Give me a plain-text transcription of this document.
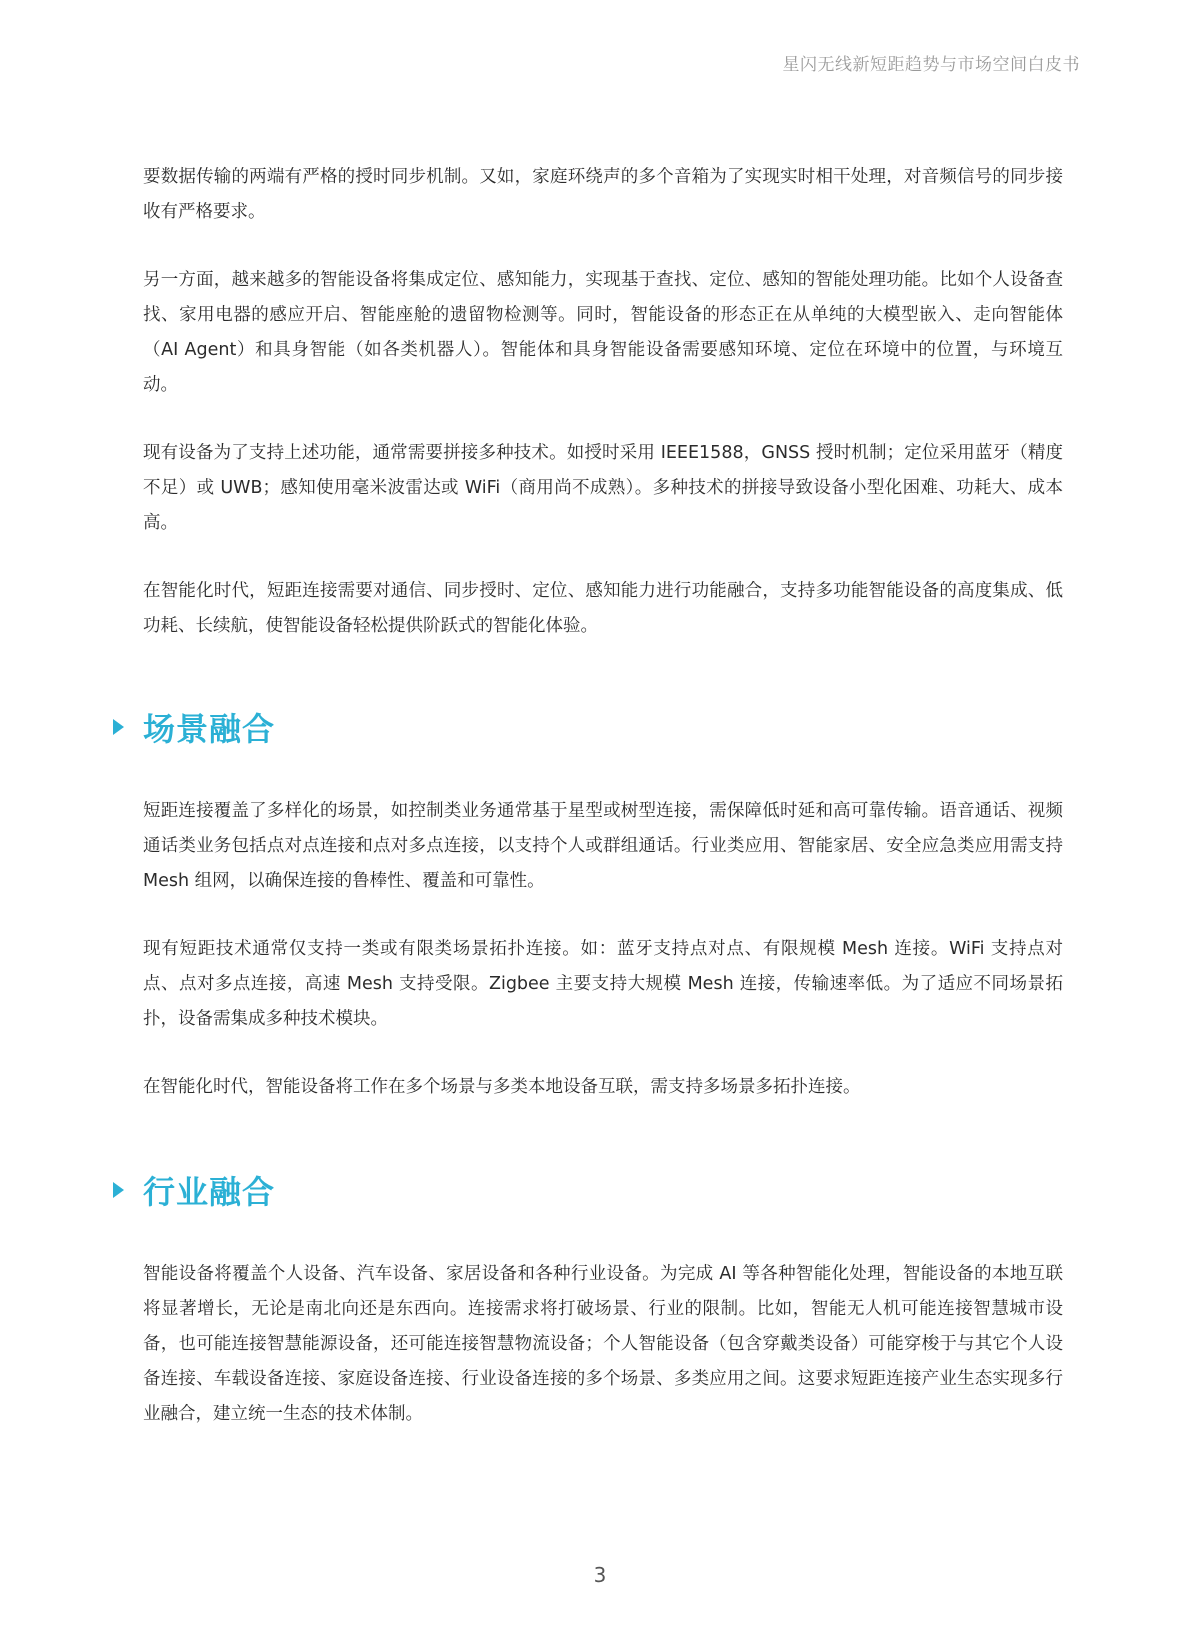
星闪无线新短距趋势与市场空间白皮书

要数据传输的两端有严格的授时同步机制。又如，家庭环绕声的多个音箱为了实现实时相干处理，对音频信号的同步接收有严格要求。

另一方面，越来越多的智能设备将集成定位、感知能力，实现基于查找、定位、感知的智能处理功能。比如个人设备查找、家用电器的感应开启、智能座舱的遗留物检测等。同时，智能设备的形态正在从单纯的大模型嵌入、走向智能体（AI Agent）和具身智能（如各类机器人）。智能体和具身智能设备需要感知环境、定位在环境中的位置，与环境互动。

现有设备为了支持上述功能，通常需要拼接多种技术。如授时采用 IEEE1588，GNSS 授时机制；定位采用蓝牙（精度不足）或 UWB；感知使用毫米波雷达或 WiFi（商用尚不成熟）。多种技术的拼接导致设备小型化困难、功耗大、成本高。

在智能化时代，短距连接需要对通信、同步授时、定位、感知能力进行功能融合，支持多功能智能设备的高度集成、低功耗、长续航，使智能设备轻松提供阶跃式的智能化体验。

场景融合

短距连接覆盖了多样化的场景，如控制类业务通常基于星型或树型连接，需保障低时延和高可靠传输。语音通话、视频通话类业务包括点对点连接和点对多点连接，以支持个人或群组通话。行业类应用、智能家居、安全应急类应用需支持 Mesh 组网，以确保连接的鲁棒性、覆盖和可靠性。

现有短距技术通常仅支持一类或有限类场景拓扑连接。如：蓝牙支持点对点、有限规模 Mesh 连接。WiFi 支持点对点、点对多点连接，高速 Mesh 支持受限。Zigbee 主要支持大规模 Mesh 连接，传输速率低。为了适应不同场景拓扑，设备需集成多种技术模块。

在智能化时代，智能设备将工作在多个场景与多类本地设备互联，需支持多场景多拓扑连接。

行业融合

智能设备将覆盖个人设备、汽车设备、家居设备和各种行业设备。为完成 AI 等各种智能化处理，智能设备的本地互联将显著增长，无论是南北向还是东西向。连接需求将打破场景、行业的限制。比如，智能无人机可能连接智慧城市设备，也可能连接智慧能源设备，还可能连接智慧物流设备；个人智能设备（包含穿戴类设备）可能穿梭于与其它个人设备连接、车载设备连接、家庭设备连接、行业设备连接的多个场景、多类应用之间。这要求短距连接产业生态实现多行业融合，建立统一生态的技术体制。

3
